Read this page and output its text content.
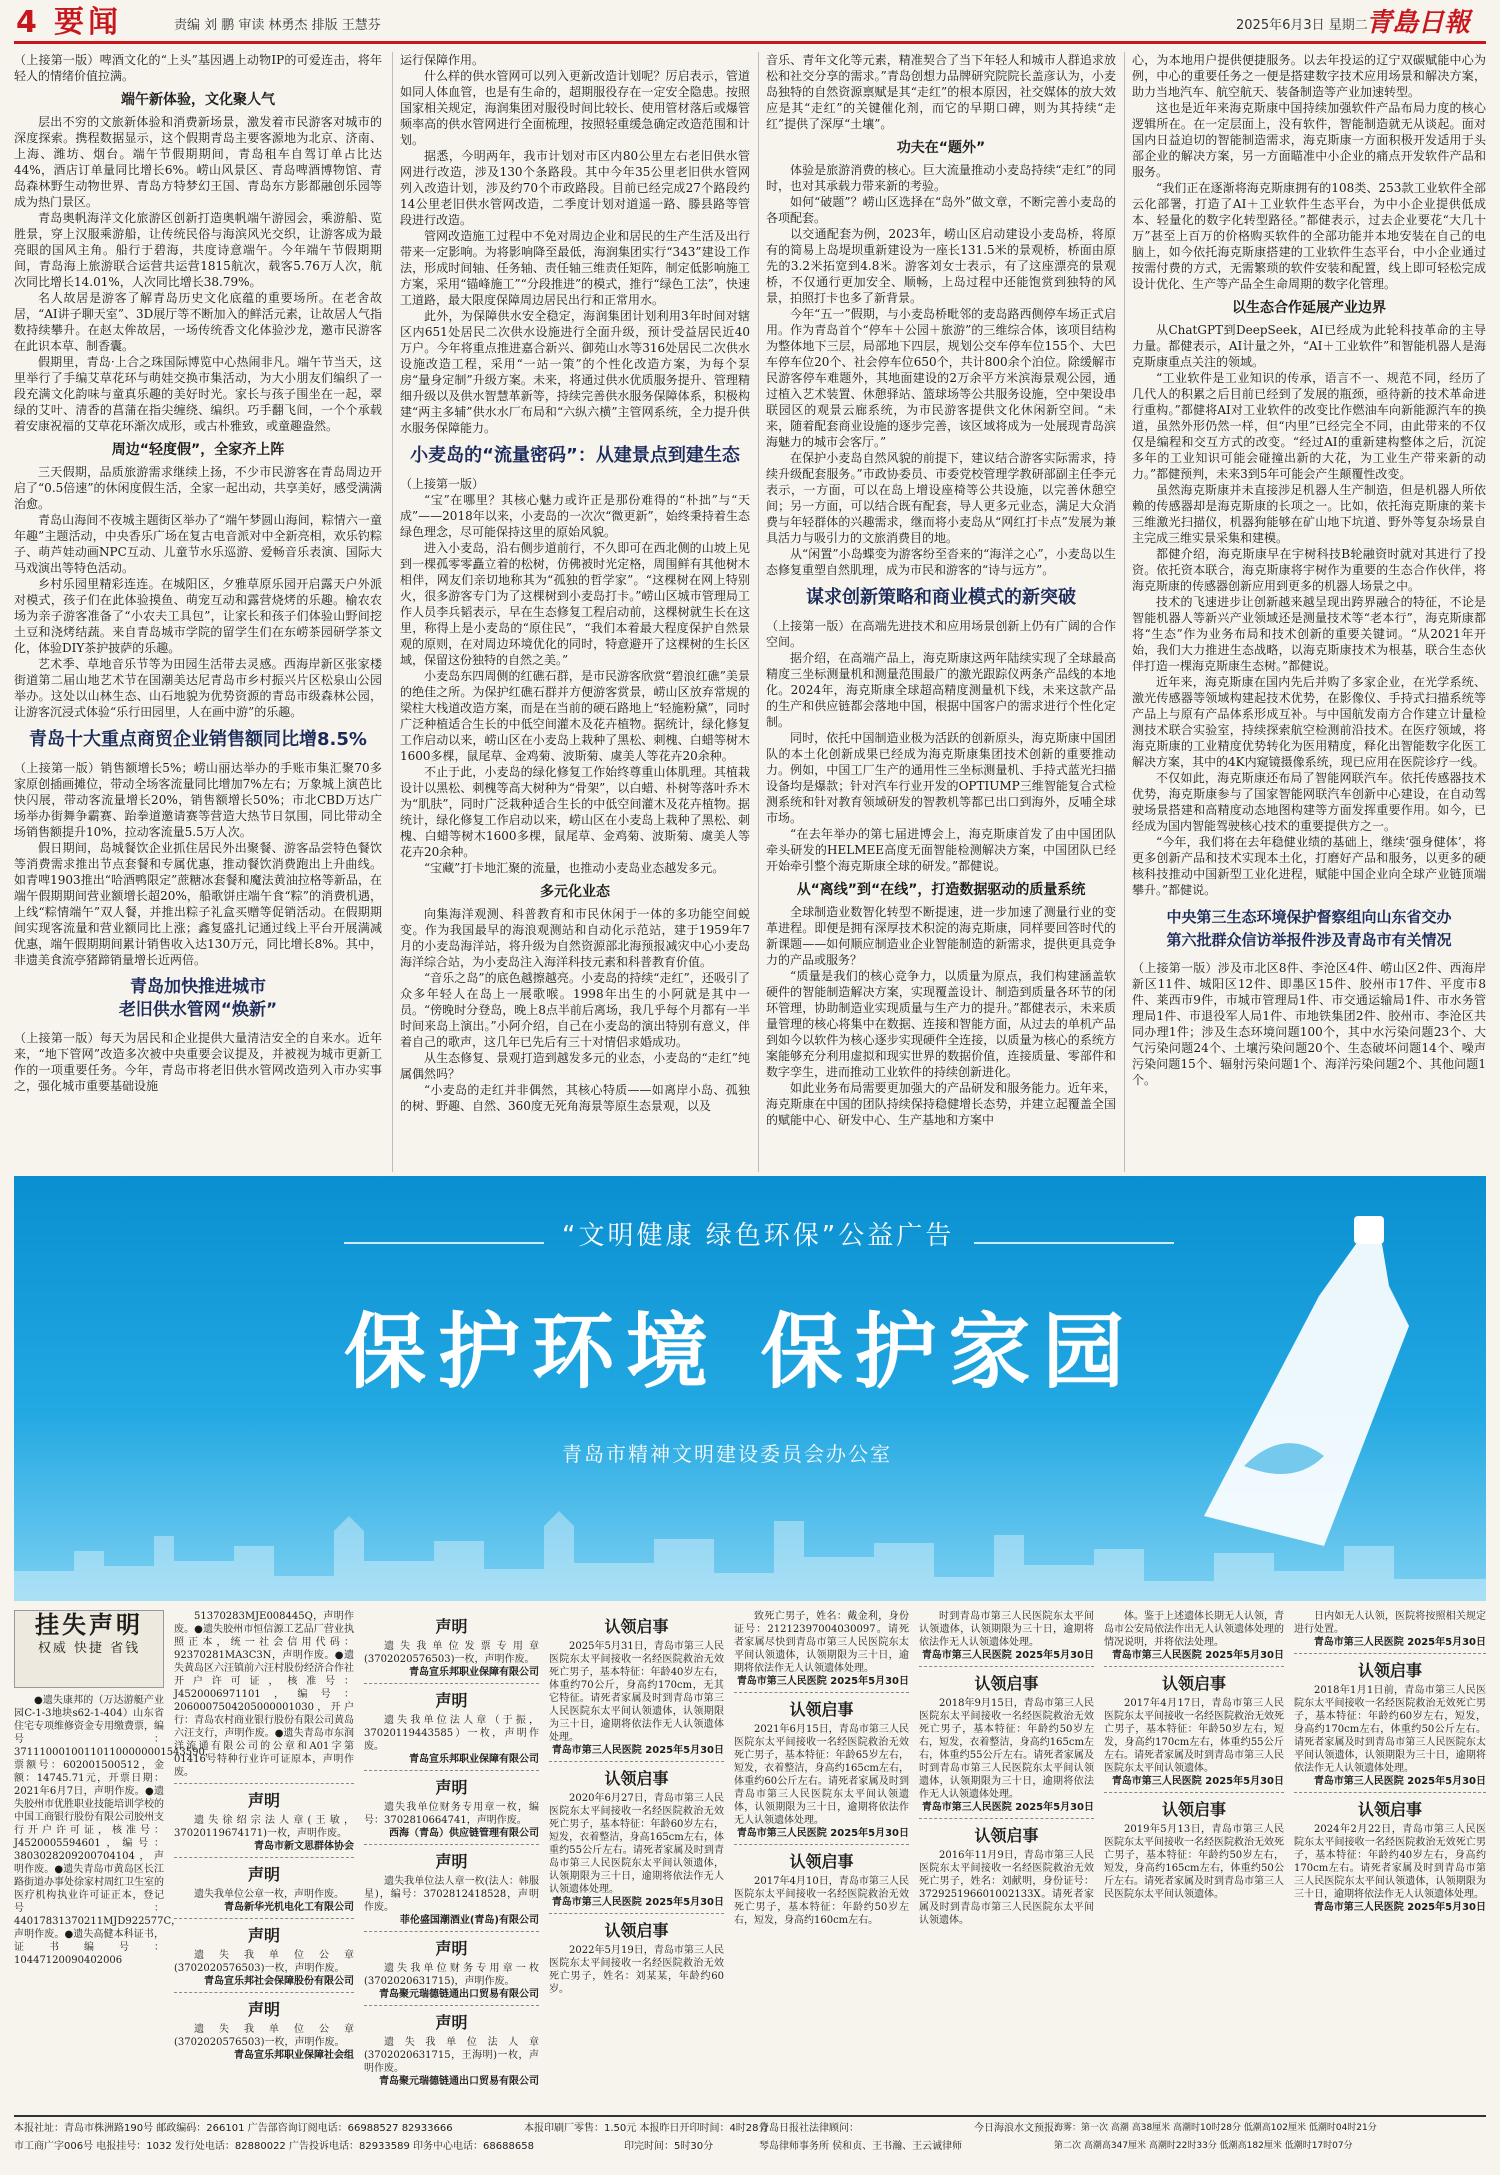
4 要闻	责编 刘 鹏 审读 林勇杰 排版 王慧芬	2025年6月3日 星期二
青島日報

（上接第一版）啤酒文化的“上头”基因遇上动物IP的可爱连击，将年轻人的情绪价值拉满。

端午新体验，文化聚人气

层出不穷的文旅新体验和消费新场景，激发着市民游客对城市的深度探索。携程数据显示，这个假期青岛主要客源地为北京、济南、上海、潍坊、烟台。端午节假期期间，青岛租车自驾订单占比达44%，酒店订单量同比增长6%。崂山风景区、青岛啤酒博物馆、青岛森林野生动物世界、青岛方特梦幻王国、青岛东方影都融创乐园等成为热门景区。

青岛奥帆海洋文化旅游区创新打造奥帆端午游园会，乘游船、览胜景，穿上汉服乘游船，让传统民俗与海滨风光交织，让游客成为最亮眼的国风主角。船行于碧海，共度诗意端午。今年端午节假期期间，青岛海上旅游联合运营共运营1815航次，载客5.76万人次，航次同比增长14.01%，人次同比增长38.79%。

名人故居是游客了解青岛历史文化底蕴的重要场所。在老舍故居，“AI讲子聊天室”、3D展厅等不断加入的鲜活元素，让故居人气指数持续攀升。在赵太侔故居，一场传统香文化体验沙龙，邀市民游客在此识本草、制香囊。

假期里，青岛·上合之珠国际博览中心热闹非凡。端午节当天，这里举行了手编艾草花环与萌娃交换市集活动，为大小朋友们编织了一段充满文化韵味与童真乐趣的美好时光。家长与孩子围坐在一起，翠绿的艾叶、清香的菖蒲在指尖缠绕、编织。巧手翻飞间，一个个承载着安康祝福的艾草花环渐次成形，或古朴雅致，或童趣盎然。

周边“轻度假”，全家齐上阵

三天假期，品质旅游需求继续上扬，不少市民游客在青岛周边开启了“0.5倍速”的休闲度假生活，全家一起出动，共享美好，感受满满治愈。

青岛山海间不夜城主题街区举办了“端午梦圆山海间，粽情六一童年趣”主题活动，中央香乐广场在复古电音派对中全新亮相，欢乐钓粽子、萌芦娃动画NPC互动、儿童节水乐巡游、爱畅音乐表演、国际大马戏演出等特色活动。

乡村乐园里精彩连连。在城阳区，夕雅草原乐园开启露天户外派对模式，孩子们在此体验摸鱼、萌宠互动和露营烧烤的乐趣。榆农农场为亲子游客准备了“小农夫工具包”，让家长和孩子们体验山野间挖土豆和浇烤结蔬。来自青岛城市学院的留学生们在东崂茶园研学茶文化，体验DIY茶护披萨的乐趣。

艺术季、草地音乐节等为田园生活带去灵感。西海岸新区张家楼街道第二届山地艺术节在国潮美达尼青岛市乡村振兴片区松泉山公园举办。这处以山林生态、山石地貌为优势资源的青岛市级森林公园，让游客沉浸式体验“乐行田园里，人在画中游”的乐趣。

青岛十大重点商贸企业销售额同比增8.5%

（上接第一版）销售额增长5%；崂山丽达举办的手账市集汇聚70多家原创插画摊位，带动全场客流量同比增加7%左右；万象城上演芭比快闪展，带动客流量增长20%，销售额增长50%；市北CBD万达广场举办街舞争霸赛、跆拳道邀请赛等营造大热节日氛围，同比带动全场销售额提升10%，拉动客流量5.5万人次。

假日期间，岛城餐饮企业抓住居民外出聚餐、游客品尝特色餐饮等消费需求推出节点套餐和专属优惠，推动餐饮消费跑出上升曲线。如青啤1903推出“哈酒鸭限定”蔗糖冰套餐和魔法黄油拉格等新品，在端午假期期间营业额增长超20%，船歌饼庄端午食“粽”的消费机遇，上线“粽情端午”双人餐，并推出粽子礼盒买赠等促销活动。在假期期间实现客流量和营业额同比上涨；鑫复盛扎记通过线上平台开展满减优惠，端午假期期间累计销售收入达130万元，同比增长8%。其中，非遗美食流亭猪蹄销量增长近两倍。

青岛加快推进城市
老旧供水管网“焕新”

（上接第一版）每天为居民和企业提供大量清洁安全的自来水。近年来，“地下管网”改造多次被中央重要会议提及，并被视为城市更新工作的一项重要任务。今年，青岛市将老旧供水管网改造列入市办实事之，强化城市重要基础设施

运行保障作用。

什么样的供水管网可以列入更新改造计划呢？厉启表示，管道如同人体血管，也是有生命的，超期服役存在一定安全隐患。按照国家相关规定，海润集团对服役时间比较长、使用管材落后或爆管频率高的供水管网进行全面梳理，按照轻重缓急确定改造范围和计划。

据悉，今明两年，我市计划对市区内80公里左右老旧供水管网进行改造，涉及130个条路段。其中今年35公里老旧供水管网列入改造计划，涉及约70个市政路段。目前已经完成27个路段约14公里老旧供水管网改造，二季度计划对道遥一路、滕县路等管段进行改造。

管网改造施工过程中不免对周边企业和居民的生产生活及出行带来一定影响。为将影响降至最低，海润集团实行“343”建设工作法，形成时间轴、任务轴、责任轴三维责任矩阵，制定低影响施工方案，采用“锚峰施工”“分段推进”的模式，推行“绿色工法”，快速工道路，最大限度保障周边居民出行和正常用水。

此外，为保障供水安全稳定，海润集团计划利用3年时间对辖区内651处居民二次供水设施进行全面升级，预计受益居民近40万户。今年将重点推进嘉合新兴、御苑山水等316处居民二次供水设施改造工程，采用“一站一策”的个性化改造方案，为每个泵房“量身定制”升级方案。未来，将通过供水优质服务提升、管理精细升级以及供水智慧革新等，持续完善供水服务保障体系，积极构建“两主多辅”供水水厂布局和“六纵六横”主管网系统，全力提升供水服务保障能力。

小麦岛的“流量密码”：从建景点到建生态

（上接第一版）

“宝”在哪里？其核心魅力或许正是那份难得的“朴拙”与“天成”——2018年以来，小麦岛的一次次“微更新”，始终秉持着生态绿色理念，尽可能保持这里的原始风貌。

进入小麦岛，沿右侧步道前行，不久即可在西北侧的山坡上见到一棵孤零零矗立着的松树，仿佛被时光定格，周围鲜有其他树木相伴，网友们亲切地称其为“孤独的哲学家”。“这棵树在网上特别火，很多游客专门为了这棵树到小麦岛打卡。”崂山区城市管理局工作人员李兵韬表示，早在生态修复工程启动前，这棵树就生长在这里，称得上是小麦岛的“原住民”，“我们本着最大程度保护自然景观的原则，在对周边环境优化的同时，特意避开了这棵树的生长区域，保留这份独特的自然之美。”

小麦岛东四周侧的红礁石群，是市民游客欣赏“碧浪红礁”美景的绝佳之所。为保护红礁石群并方便游客赏景，崂山区放弃常规的梁柱大栈道改造方案，而是在当前的硬石路地上“轻施粉黛”，同时广泛种植适合生长的中低空间灌木及花卉植物。据统计，绿化修复工作启动以来，崂山区在小麦岛上栽种了黑松、刺槐、白蜡等树木1600多棵，鼠尾草、金鸡菊、波斯菊、虞美人等花卉20余种。

不止于此，小麦岛的绿化修复工作始终尊重山体肌理。其植栽设计以黑松、刺槐等高大树种为“骨架”，以白蜡、朴树等落叶乔木为“肌肤”，同时广泛栽种适合生长的中低空间灌木及花卉植物。据统计，绿化修复工作启动以来，崂山区在小麦岛上栽种了黑松、刺槐、白蜡等树木1600多棵，鼠尾草、金鸡菊、波斯菊、虞美人等花卉20余种。

“宝藏”打卡地汇聚的流量，也推动小麦岛业态越发多元。

多元化业态

向集海洋观测、科普教育和市民休闲于一体的多功能空间蜕变。作为我国最早的海浪观测站和自动化示范站，建于1959年7月的小麦岛海洋站，将升级为自然资源部北海预报减灾中心小麦岛海洋综合站，为小麦岛注入海洋科技元素和科普教育价值。

“音乐之岛”的底色越擦越亮。小麦岛的持续“走红”，还吸引了众多年轻人在岛上一展歌喉。1998年出生的小阿就是其中一员。“傍晚时分登岛，晚上8点半前后离场，我几乎每个月都有一半时间来岛上演出。”小阿介绍，自己在小麦岛的演出特别有意义，伴着自己的歌声，这几年已先后有三十对情侣求婚成功。

从生态修复、景观打造到越发多元的业态，小麦岛的“走红”纯属偶然吗？

“小麦岛的走红并非偶然，其核心特质——如离岸小岛、孤独的树、野趣、自然、360度无死角海景等原生态景观，以及

音乐、青年文化等元素，精准契合了当下年轻人和城市人群追求放松和社交分享的需求。”青岛创想力品牌研究院院长盖彦认为，小麦岛独特的自然资源禀赋是其“走红”的根本原因，社交媒体的放大效应是其“走红”的关键催化剂，而它的早期口碑，则为其持续“走红”提供了深厚“土壤”。

功夫在“题外”

体验是旅游消费的核心。巨大流量推动小麦岛持续“走红”的同时，也对其承载力带来新的考验。

如何“破题”？崂山区选择在“岛外”做文章，不断完善小麦岛的各项配套。

以交通配套为例，2023年，崂山区启动建设小麦岛桥，将原有的简易上岛堤坝重新建设为一座长131.5米的景观桥，桥面由原先的3.2米拓宽到4.8米。游客刘女士表示，有了这座漂亮的景观桥，不仅通行更加安全、顺畅，上岛过程中还能饱赏到独特的风景，拍照打卡也多了新背景。

今年“五一”假期，与小麦岛桥毗邻的麦岛路西侧停车场正式启用。作为青岛首个“停车＋公园＋旅游”的三维综合体，该项目结构为整体地下三层，局部地下四层，规划公交车停车位155个、大巴车停车位20个、社会停车位650个，共计800余个泊位。除缓解市民游客停车难题外，其地面建设的2万余平方米滨海景观公园，通过植入艺术装置、休憩驿站、篮球场等公共服务设施，空中架设串联园区的观景云廊系统，为市民游客提供文化休闲新空间。“未来，随着配套商业设施的逐步完善，该区域将成为一处展现青岛滨海魅力的城市会客厅。”

在保护小麦岛自然风貌的前提下，建议结合游客实际需求，持续升级配套服务。”市政协委员、市委党校管理学教研部副主任李元表示，一方面，可以在岛上增设座椅等公共设施，以完善休憩空间；另一方面，可以结合既有配套，导人更多元业态，满足大众消费与年轻群体的兴趣需求，继而将小麦岛从“网红打卡点”发展为兼具活力与吸引力的文旅消费目的地。

从“闲置”小岛蝶变为游客纷至沓来的“海洋之心”，小麦岛以生态修复重塑自然肌理，成为市民和游客的“诗与远方”。

谋求创新策略和商业模式的新突破

（上接第一版）在高端先进技术和应用场景创新上仍有广阔的合作空间。

据介绍，在高端产品上，海克斯康这两年陆续实现了全球最高精度三坐标测量机和测量范围最广的激光跟踪仪两条产品线的本地化。2024年，海克斯康全球超高精度测量机下线，未来这款产品的生产和供应链都会落地中国，根据中国客户的需求进行个性化定制。

同时，依托中国制造业极为活跃的创新原头，海克斯康中国团队的本土化创新成果已经成为海克斯康集团技术创新的重要推动力。例如，中国工厂生产的通用性三坐标测量机、手持式蓝光扫描设备均是爆款；针对汽车行业开发的OPTIUMP三维智能复合式检测系统和针对教育领域研发的智教机等都已出口到海外，反哺全球市场。

“在去年举办的第七届进博会上，海克斯康首发了由中国团队牵头研发的HELMEE高度无面智能检测解决方案，中国团队已经开始牵引整个海克斯康全球的研发。”都健说。

从“离线”到“在线”，打造数据驱动的质量系统

全球制造业数智化转型不断提速，进一步加速了测量行业的变革进程。即便是拥有深厚技术积淀的海克斯康，同样要回答时代的新课题——如何顺应制造业企业智能制造的新需求，提供更具竞争力的产品或服务？

“质量是我们的核心竞争力，以质量为原点，我们构建涵盖软硬件的智能制造解决方案，实现覆盖设计、制造到质量各环节的闭环管理，协助制造业实现质量与生产力的提升。”都健表示，未来质量管理的核心将集中在数据、连接和智能方面，从过去的单机产品到如今以软件为核心逐步实现硬件全连接，以质量为核心的系统方案能够充分利用虚拟和现实世界的数据价值，连接质量、零部件和数字孪生，进而推动工业软件的持续创新进化。

如此业务布局需要更加强大的产品研发和服务能力。近年来，海克斯康在中国的团队持续保持稳健增长态势，并建立起覆盖全国的赋能中心、研发中心、生产基地和方案中

心，为本地用户提供便捷服务。以去年投运的辽宁双碳赋能中心为例，中心的重要任务之一便是搭建数字技术应用场景和解决方案，助力当地汽车、航空航天、装备制造等产业加速转型。

这也是近年来海克斯康中国持续加强软件产品布局力度的核心逻辑所在。在一定层面上，没有软件，智能制造就无从谈起。面对国内日益迫切的智能制造需求，海克斯康一方面积极开发适用于头部企业的解决方案，另一方面瞄准中小企业的痛点开发软件产品和服务。

“我们正在逐渐将海克斯康拥有的108类、253款工业软件全部云化部署，打造了AI＋工业软件生态平台，为中小企业提供低成本、轻量化的数字化转型路径。”都健表示，过去企业要花“大几十万”甚至上百万的价格购买软件的全部功能并本地安装在自己的电脑上，如今依托海克斯康搭建的工业软件生态平台，中小企业通过按需付费的方式，无需繁琐的软件安装和配置，线上即可轻松完成设计优化、生产等产品全生命周期的数字化管理。

以生态合作延展产业边界

从ChatGPT到DeepSeek，AI已经成为此轮科技革命的主导力量。都健表示，AI计量之外，“AI＋工业软件”和智能机器人是海克斯康重点关注的领域。

“工业软件是工业知识的传承，语言不一、规范不同，经历了几代人的积累之后目前已经到了发展的瓶颈，亟待新的技术革命进行重构。”都健将AI对工业软件的改变比作燃油车向新能源汽车的换道，虽然外形仍然一样，但“内里”已经完全不同，由此带来的不仅仅是编程和交互方式的改变。“经过AI的重新建构整体之后，沉淀多年的工业知识可能会碰撞出新的大花，为工业生产带来新的动力。”都健预判，未来3到5年可能会产生颠覆性改变。

虽然海克斯康并未直接涉足机器人生产制造，但是机器人所依赖的传感器却是海克斯康的长项之一。比如，依托海克斯康的莱卡三维激光扫描仪，机器狗能够在矿山地下坑道、野外等复杂场景自主完成三维实景采集和建模。

都健介绍，海克斯康早在宇树科技B轮融资时就对其进行了投资。依托资本联合，海克斯康将宇树作为重要的生态合作伙伴，将海克斯康的传感器创新应用到更多的机器人场景之中。

技术的飞速进步让创新越来越呈现出跨界融合的特征，不论是智能机器人等新兴产业领域还是测量技术等“老本行”，海克斯康都将“生态”作为业务布局和技术创新的重要关键词。“从2021年开始，我们大力推进生态战略，以海克斯康技术为根基，联合生态伙伴打造一棵海克斯康生态树。”都健说。

近年来，海克斯康在国内先后并购了多家企业，在光学系统、激光传感器等领域构建起技术优势，在影像仪、手持式扫描系统等产品上与原有产品体系形成互补。与中国航发南方合作建立计量检测技术联合实验室，持续探索航空检测前沿技术。在医疗领域，将海克斯康的工业精度优势转化为医用精度，释化出智能数字化医工解决方案，其中的4K内窥镜摄像系统，现已应用在医院诊疗一线。

不仅如此，海克斯康还布局了智能网联汽车。依托传感器技术优势，海克斯康参与了国家智能网联汽车创新中心建设，在自动驾驶场景搭建和高精度动态地图构建等方面发挥重要作用。如今，已经成为国内智能驾驶核心技术的重要提供方之一。

“今年，我们将在去年稳健业绩的基础上，继续‘强身健体’，将更多创新产品和技术实现本土化，打磨好产品和服务，以更多的硬核科技推动中国新型工业化进程，赋能中国企业向全球产业链顶端攀升。”都健说。

中央第三生态环境保护督察组向山东省交办
第六批群众信访举报件涉及青岛市有关情况

（上接第一版）涉及市北区8件、李沧区4件、崂山区2件、西海岸新区11件、城阳区12件、即墨区15件、胶州市17件、平度市8件、莱西市9件，市城市管理局1件、市交通运输局1件、市水务管理局1件、市退役军人局1件、市地铁集团2件、胶州市、李沧区共同办理1件；涉及生态环境问题100个，其中水污染问题23个、大气污染问题24个、土壤污染问题20个、生态破坏问题14个、噪声污染问题15个、辐射污染问题1个、海洋污染问题2个、其他问题1个。

“文明健康 绿色环保”公益广告
保护环境 保护家园
青岛市精神文明建设委员会办公室
挂失声明
权威 快捷 省钱

●遗失康邦的（万达游艇产业园C-1-3地块s62-1-404）山东省住宅专项维修资金专用缴费票，编号：371110001001101100000001543590，票额号：602001500512，金额：14745.71元，开票日期：2021年6月7日，声明作废。●遗失胶州市优胜职业技能培训学校的中国工商银行股份有限公司胶州支行开户许可证，核准号：J4520005594601，编号：3803028209200704104，声明作废。●遗失青岛市黄岛区长江路街道办事处徐家村周红卫生室的医疗机构执业许可证正本，登记号：44017831370211MJD922577C，声明作废。●遗失高健本科证书，证书编号：10447120090402006

51370283MJE008445Q，声明作废。●遗失胶州市恒信源工艺品厂营业执照正本，统一社会信用代码：92370281MA3C3N，声明作废。●遗失黄岛区六汪镇前六汪村股份经济合作社开户许可证，核准号：J4520006971101，编号：2060007504205000001030，开户行：青岛农村商业银行股份有限公司黄岛六汪支行，声明作废。●遗失青岛市东润洋流通有限公司的公章和A01字第01416号特种行业许可证原本，声明作废。

声明

遗失徐绍宗法人章(王敏，37020119674171)一枚，声明作废。

青岛市新文思群体协会
声明

遗失我单位公章一枚，声明作废。

青岛新华光机电化工有限公司
声明

遗失我单位公章(3702020576503)一枚，声明作废。

青岛宣乐邦社会保障股份有限公司
声明

遗失我单位公章(3702020576503)一枚，声明作废。

青岛宣乐邦职业保障社会组
声明

遗失我单位发票专用章(3702020576503)一枚，声明作废。

青岛宣乐邦职业保障有限公司
声明

遗失我单位法人章（于振，37020119443585）一枚，声明作废。

青岛宣乐邦职业保障有限公司
声明

遗失我单位财务专用章一枚，编号：3702810664741，声明作废。

西海（青岛）供应链管理有限公司
声明

遗失我单位法人章一枚(法人：韩服星)，编号：3702812418528，声明作废。

菲伦盛国潮酒业(青岛)有限公司
声明

遗失我单位财务专用章一枚(3702020631715)，声明作废。

青岛聚元瑞德链通出口贸易有限公司
声明

遗失我单位法人章(3702020631715，王海明)一枚，声明作废。

青岛聚元瑞德链通出口贸易有限公司
认领启事

2025年5月31日，青岛市第三人民医院东太平间接收一名经医院救治无效死亡男子，基本特征：年龄40岁左右，体重约70公斤，身高约170cm，无其它特征。请死者家属及时到青岛市第三人民医院东太平间认领遗体，认领期限为三十日，逾期将依法作无人认领遗体处理。

青岛市第三人民医院 2025年5月30日
认领启事

2020年6月27日，青岛市第三人民医院东太平间接收一名经医院救治无效死亡男子，基本特征：年龄60岁左右，短发，衣着整洁，身高165cm左右，体重约55公斤左右。请死者家属及时到青岛市第三人民医院东太平间认领遗体，认领期限为三十日，逾期将依法作无人认领遗体处理。

青岛市第三人民医院 2025年5月30日
认领启事

2022年5月19日，青岛市第三人民医院东太平间接收一名经医院救治无效死亡男子，姓名：刘某某，年龄约60岁。

致死亡男子，姓名：戴金利，身份证号：21212397004030097。请死者家属尽快到青岛市第三人民医院东太平间认领遗体，认领期限为三十日，逾期将依法作无人认领遗体处理。

青岛市第三人民医院 2025年5月30日
认领启事

2021年6月15日，青岛市第三人民医院东太平间接收一名经医院救治无效死亡男子，基本特征：年龄65岁左右，短发，衣着整洁，身高约165cm左右，体重约60公斤左右。请死者家属及时到青岛市第三人民医院东太平间认领遗体，认领期限为三十日，逾期将依法作无人认领遗体处理。

青岛市第三人民医院 2025年5月30日
认领启事

2017年4月10日，青岛市第三人民医院东太平间接收一名经医院救治无效死亡男子，基本特征：年龄约50岁左右，短发，身高约160cm左右。

时到青岛市第三人民医院东太平间认领遗体，认领期限为三十日，逾期将依法作无人认领遗体处理。

青岛市第三人民医院 2025年5月30日
认领启事

2018年9月15日，青岛市第三人民医院东太平间接收一名经医院救治无效死亡男子，基本特征：年龄约50岁左右，短发，衣着整洁，身高约165cm左右，体重约55公斤左右。请死者家属及时到青岛市第三人民医院东太平间认领遗体，认领期限为三十日，逾期将依法作无人认领遗体处理。

青岛市第三人民医院 2025年5月30日
认领启事

2016年11月9日，青岛市第三人民医院东太平间接收一名经医院救治无效死亡男子，姓名：刘献明，身份证号：372925196601002133X。请死者家属及时到青岛市第三人民医院东太平间认领遗体。

体。鉴于上述遗体长期无人认领，青岛市公安局依法作出无人认领遗体处理的情况说明，并将依法处理。

青岛市第三人民医院 2025年5月30日
认领启事

2017年4月17日，青岛市第三人民医院东太平间接收一名经医院救治无效死亡男子，基本特征：年龄50岁左右，短发，身高约170cm左右，体重约55公斤左右。请死者家属及时到青岛市第三人民医院东太平间认领遗体。

青岛市第三人民医院 2025年5月30日
认领启事

2019年5月13日，青岛市第三人民医院东太平间接收一名经医院救治无效死亡男子，基本特征：年龄约50岁左右，短发，身高约165cm左右，体重约50公斤左右。请死者家属及时到青岛市第三人民医院东太平间认领遗体。

日内如无人认领，医院将按照相关规定进行处置。

青岛市第三人民医院 2025年5月30日
认领启事

2018年1月1日前，青岛市第三人民医院东太平间接收一名经医院救治无效死亡男子，基本特征：年龄约60岁左右，短发，身高约170cm左右，体重约50公斤左右。请死者家属及时到青岛市第三人民医院东太平间认领遗体，认领期限为三十日，逾期将依法作无人认领遗体处理。

青岛市第三人民医院 2025年5月30日
认领启事

2024年2月22日，青岛市第三人民医院东太平间接收一名经医院救治无效死亡男子，基本特征：年龄约40岁左右，身高约170cm左右。请死者家属及时到青岛市第三人民医院东太平间认领遗体，认领期限为三十日，逾期将依法作无人认领遗体处理。

青岛市第三人民医院 2025年5月30日
本报社址：青岛市株洲路190号 邮政编码：266101 广告部咨询订阅电话：66988527 82933666	本报印刷厂零售：1.50元 本报昨日开印时间：4时28分
青岛日报社法律顾问：	今日海浪水文预报：
市工商广字006号 电报挂号：1032 发行处电话：82880022 广告投诉电话：82933589 印务中心电话：68688658	印完时间：5时30分	琴岛律师事务所 侯和贞、王书瀚、王云诚律师
海雾：第一次 高潮 高38厘米 高潮时10时28分 低潮高102厘米 低潮时04时21分
第二次 高潮高347厘米 高潮时22时33分 低潮高182厘米 低潮时17时07分
